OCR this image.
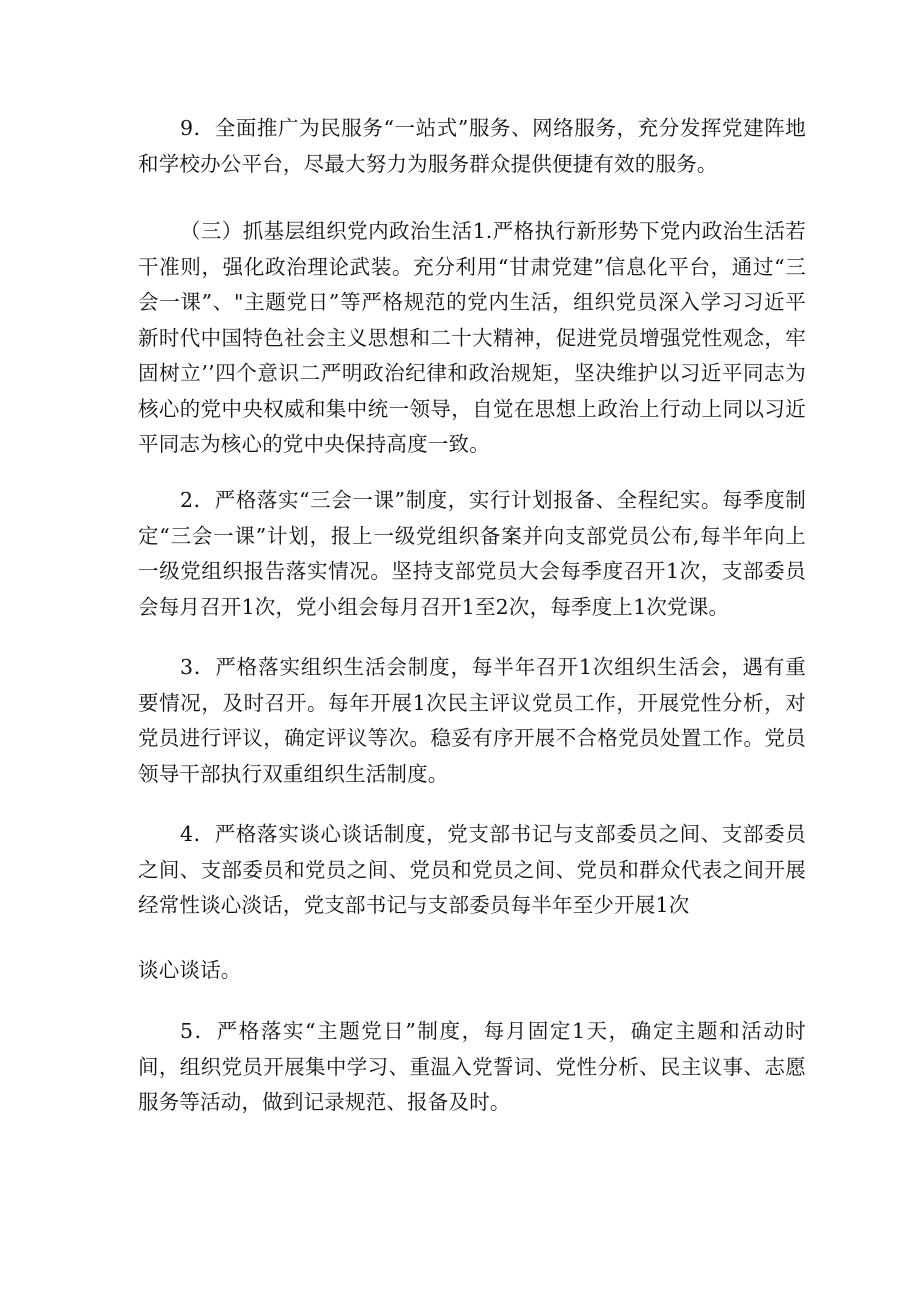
9．全面推广为民服务“一站式”服务、网络服务，充分发挥党建阵地和学校办公平台，尽最大努力为服务群众提供便捷有效的服务。

（三）抓基层组织党内政治生活1.严格执行新形势下党内政治生活若干准则，强化政治理论武装。充分利用“甘肃党建”信息化平台，通过“三会一课”、"主题党日”等严格规范的党内生活，组织党员深入学习习近平新时代中国特色社会主义思想和二十大精神，促进党员增强党性观念，牢固树立’’四个意识二严明政治纪律和政治规矩，坚决维护以习近平同志为核心的党中央权威和集中统一领导，自觉在思想上政治上行动上同以习近平同志为核心的党中央保持高度一致。

2．严格落实“三会一课”制度，实行计划报备、全程纪实。每季度制定“三会一课”计划，报上一级党组织备案并向支部党员公布,每半年向上一级党组织报告落实情况。坚持支部党员大会每季度召开1次，支部委员会每月召开1次，党小组会每月召开1至2次，每季度上1次党课。

3．严格落实组织生活会制度，每半年召开1次组织生活会，遇有重要情况，及时召开。每年开展1次民主评议党员工作，开展党性分析，对党员进行评议，确定评议等次。稳妥有序开展不合格党员处置工作。党员领导干部执行双重组织生活制度。

4．严格落实谈心谈话制度，党支部书记与支部委员之间、支部委员之间、支部委员和党员之间、党员和党员之间、党员和群众代表之间开展经常性谈心淡话，党支部书记与支部委员每半年至少开展1次

谈心谈话。

5．严格落实“主题党日”制度，每月固定1天，确定主题和活动时间，组织党员开展集中学习、重温入党誓词、党性分析、民主议事、志愿服务等活动，做到记录规范、报备及时。
